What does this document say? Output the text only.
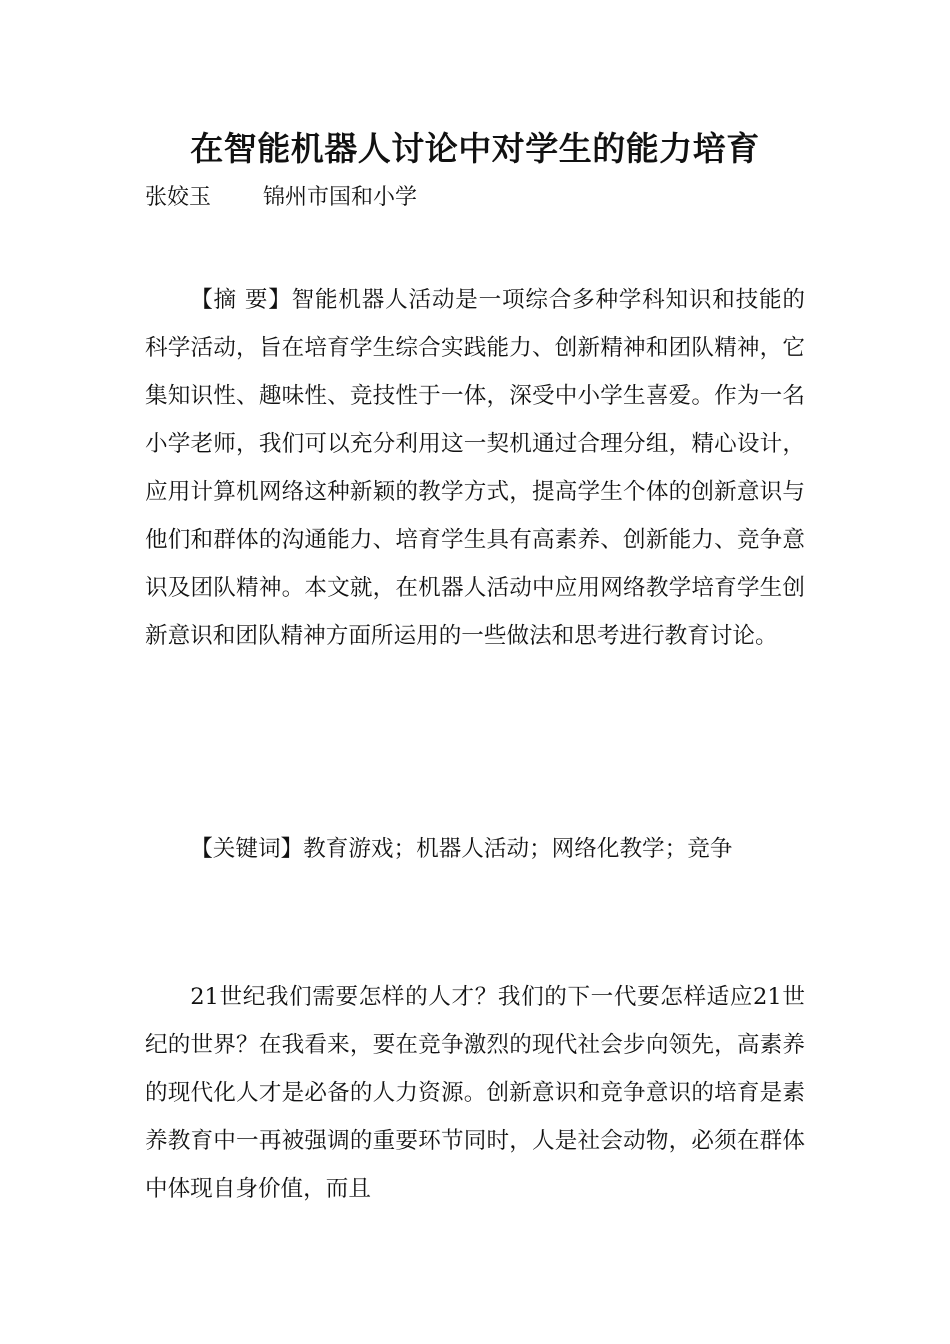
在智能机器人讨论中对学生的能力培育
张姣玉 锦州市国和小学

【摘 要】智能机器人活动是一项综合多种学科知识和技能的科学活动，旨在培育学生综合实践能力、创新精神和团队精神，它集知识性、趣味性、竞技性于一体，深受中小学生喜爱。作为一名小学老师，我们可以充分利用这一契机通过合理分组，精心设计，应用计算机网络这种新颖的教学方式，提高学生个体的创新意识与他们和群体的沟通能力、培育学生具有高素养、创新能力、竞争意识及团队精神。本文就，在机器人活动中应用网络教学培育学生创新意识和团队精神方面所运用的一些做法和思考进行教育讨论。

【关键词】教育游戏；机器人活动；网络化教学；竞争

21世纪我们需要怎样的人才？我们的下一代要怎样适应21世纪的世界？在我看来，要在竞争激烈的现代社会步向领先，高素养的现代化人才是必备的人力资源。创新意识和竞争意识的培育是素养教育中一再被强调的重要环节同时，人是社会动物，必须在群体中体现自身价值，而且
